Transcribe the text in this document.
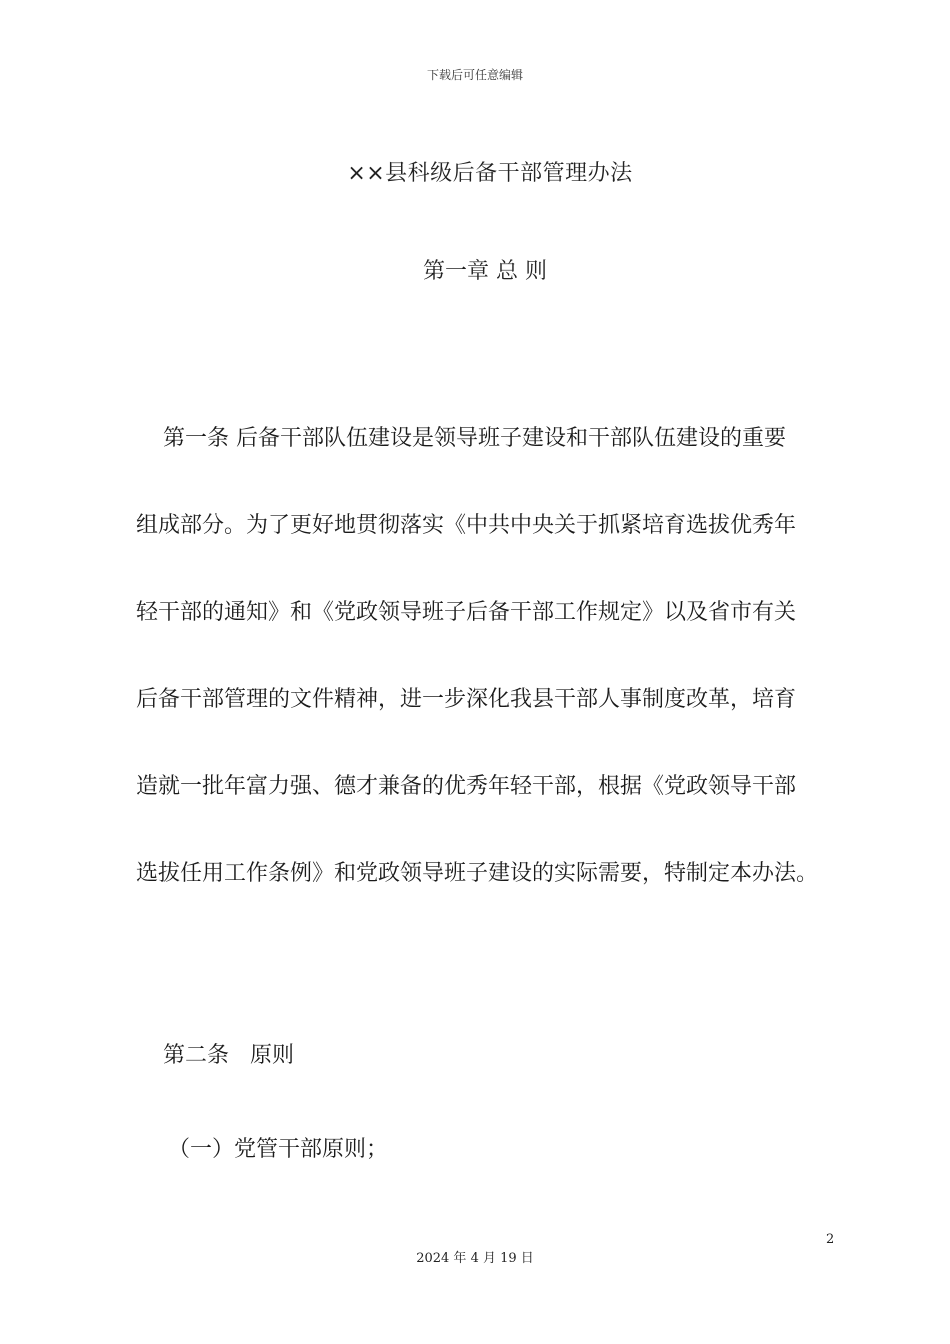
下载后可任意编辑
××县科级后备干部管理办法
第一章 总 则
第一条 后备干部队伍建设是领导班子建设和干部队伍建设的重要
组成部分。为了更好地贯彻落实《中共中央关于抓紧培育选拔优秀年
轻干部的通知》和《党政领导班子后备干部工作规定》以及省市有关
后备干部管理的文件精神，进一步深化我县干部人事制度改革，培育
造就一批年富力强、德才兼备的优秀年轻干部，根据《党政领导干部
选拔任用工作条例》和党政领导班子建设的实际需要，特制定本办法。
第二条   原则
（一）党管干部原则；
2
2024 年 4 月 19 日
